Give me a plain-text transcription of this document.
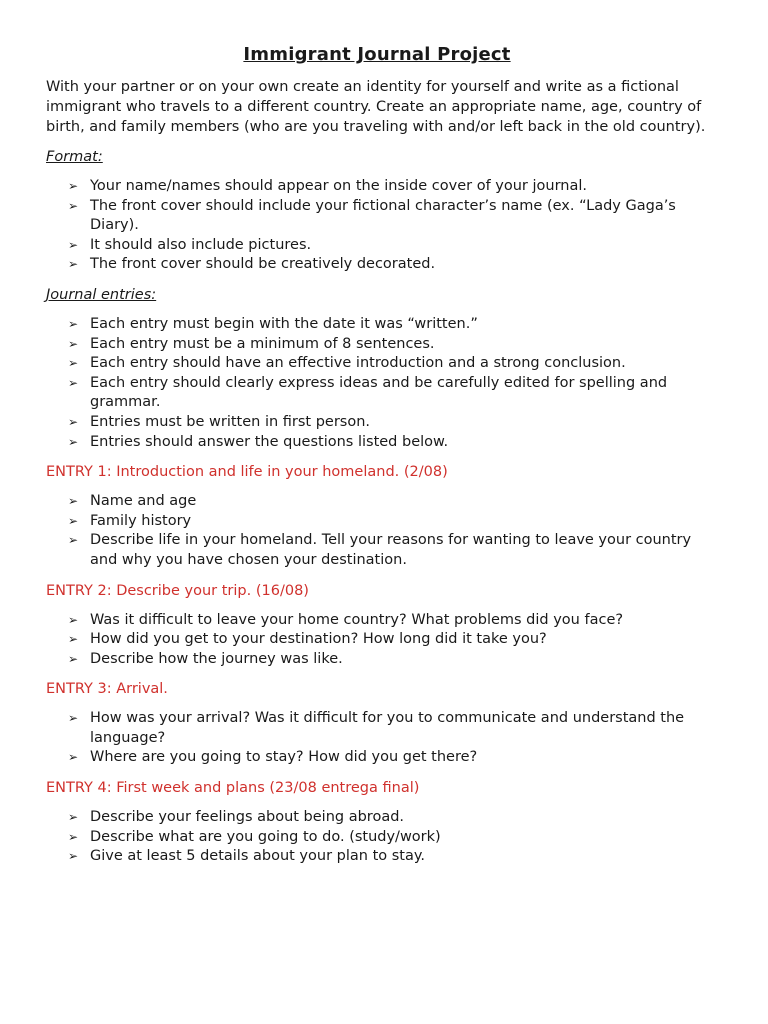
Immigrant Journal Project

With your partner or on your own create an identity for yourself and write as a fictional immigrant who travels to a different country. Create an appropriate name, age, country of birth, and family members (who are you traveling with and/or left back in the old country).

Format:

➢ Your name/names should appear on the inside cover of your journal.
➢ The front cover should include your fictional character’s name (ex. “Lady Gaga’s Diary).
➢ It should also include pictures.
➢ The front cover should be creatively decorated.

Journal entries:

➢ Each entry must begin with the date it was “written.”
➢ Each entry must be a minimum of 8 sentences.
➢ Each entry should have an effective introduction and a strong conclusion.
➢ Each entry should clearly express ideas and be carefully edited for spelling and grammar.
➢ Entries must be written in first person.
➢ Entries should answer the questions listed below.

ENTRY 1: Introduction and life in your homeland. (2/08)

➢ Name and age
➢ Family history
➢ Describe life in your homeland. Tell your reasons for wanting to leave your country and why you have chosen your destination.

ENTRY 2: Describe your trip. (16/08)

➢ Was it difficult to leave your home country? What problems did you face?
➢ How did you get to your destination? How long did it take you?
➢ Describe how the journey was like.

ENTRY 3: Arrival.

➢ How was your arrival? Was it difficult for you to communicate and understand the language?
➢ Where are you going to stay? How did you get there?

ENTRY 4: First week and plans (23/08 entrega final)

➢ Describe your feelings about being abroad.
➢ Describe what are you going to do. (study/work)
➢ Give at least 5 details about your plan to stay.
